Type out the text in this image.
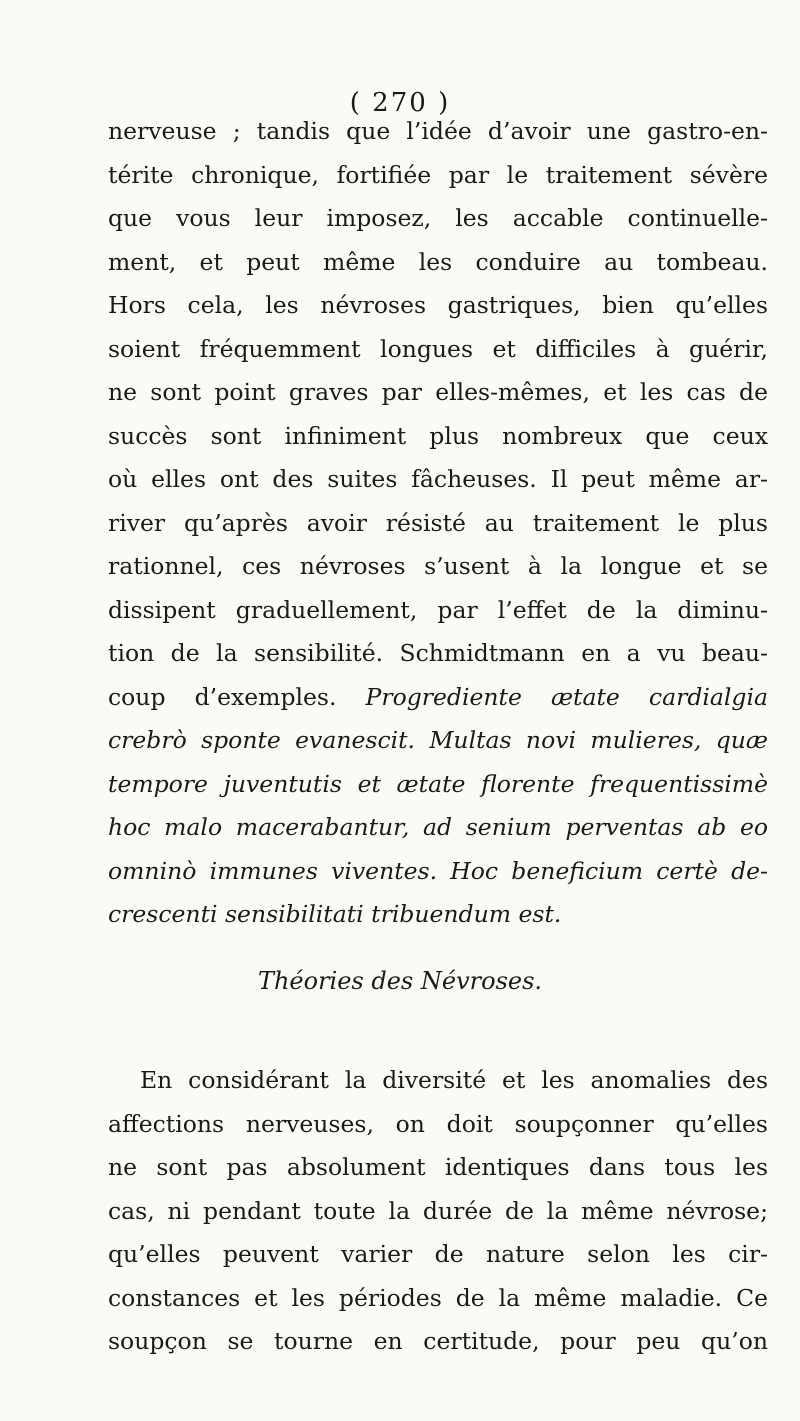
( 270 )
nerveuse ; tandis que l’idée d’avoir une gastro-en-
térite chronique, fortifiée par le traitement sévère
que vous leur imposez, les accable continuelle-
ment, et peut même les conduire au tombeau.
Hors cela, les névroses gastriques, bien qu’elles
soient fréquemment longues et difficiles à guérir,
ne sont point graves par elles-mêmes, et les cas de
succès sont infiniment plus nombreux que ceux
où elles ont des suites fâcheuses. Il peut même ar-
river qu’après avoir résisté au traitement le plus
rationnel, ces névroses s’usent à la longue et se
dissipent graduellement, par l’effet de la diminu-
tion de la sensibilité. Schmidtmann en a vu beau-
coup d’exemples. Progrediente ætate cardialgia
crebrò sponte evanescit. Multas novi mulieres, quæ
tempore juventutis et ætate florente frequentissimè
hoc malo macerabantur, ad senium perventas ab eo
omninò immunes viventes. Hoc beneficium certè de-
crescenti sensibilitati tribuendum est.
Théories des Névroses.
En considérant la diversité et les anomalies des
affections nerveuses, on doit soupçonner qu’elles
ne sont pas absolument identiques dans tous les
cas, ni pendant toute la durée de la même névrose;
qu’elles peuvent varier de nature selon les cir-
constances et les périodes de la même maladie. Ce
soupçon se tourne en certitude, pour peu qu’on
